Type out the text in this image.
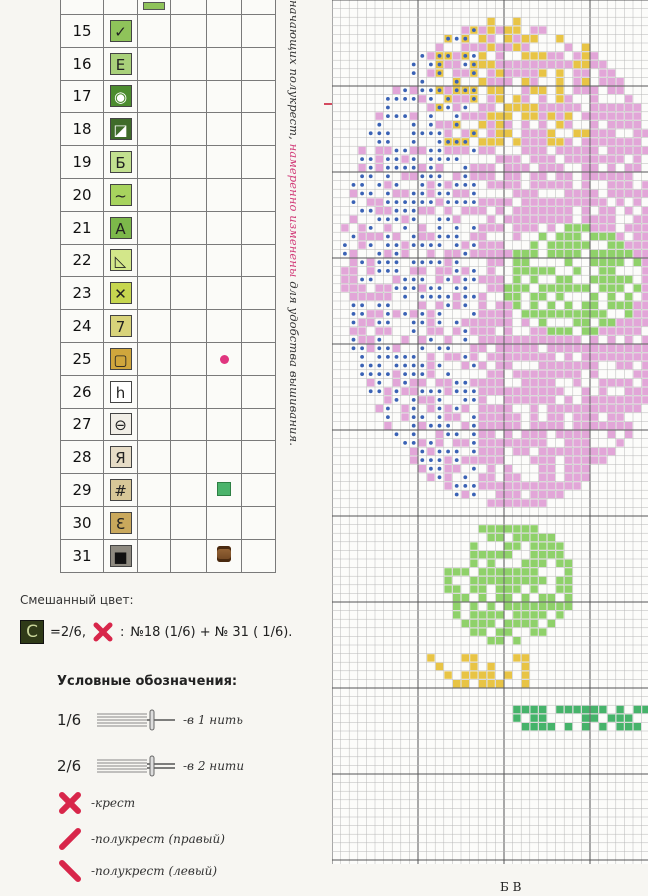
15	✓				
16	E				
17	◉				
18	◪				
19	Б				
20	~				
21	A				
22	◺				
23	✕				
24	7				
25	▢				
26	h				
27	⊖				
28	Я				
29	#				
30	Ɛ				
31	■				
начающих полукрест, намеренно изменены для удобства вышивания.
Смешанный цвет:
C =2/6,	: №18 (1/6) + № 31 ( 1/6).
Условные обозначения:
1/6	-в 1 нить
2/6	-в 2 нити
-крест
-полукрест (правый)
-полукрест (левый)
Б В
